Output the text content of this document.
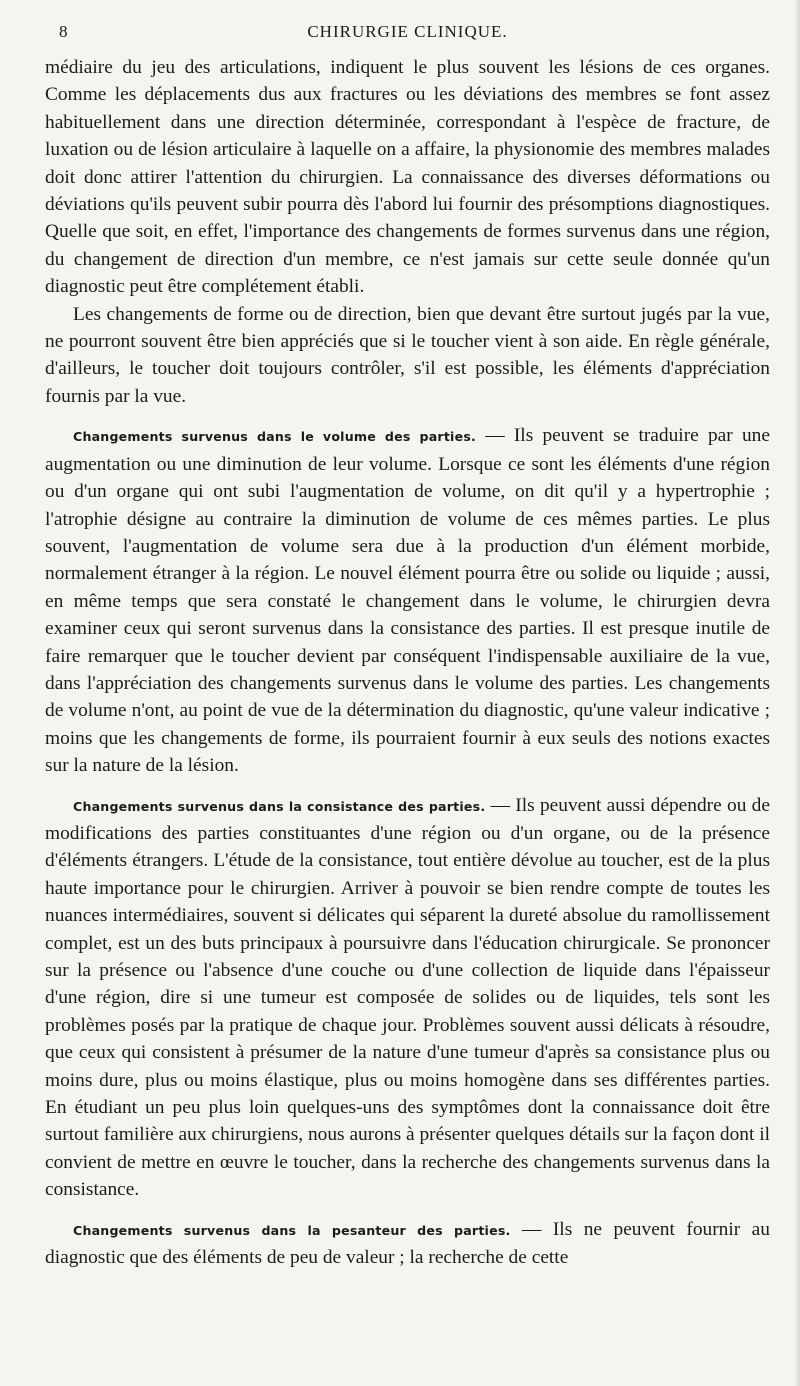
8	CHIRURGIE CLINIQUE.

médiaire du jeu des articulations, indiquent le plus souvent les lésions de ces organes. Comme les déplacements dus aux fractures ou les déviations des membres se font assez habituellement dans une direction déterminée, correspondant à l'espèce de fracture, de luxation ou de lésion articulaire à laquelle on a affaire, la physionomie des membres malades doit donc attirer l'attention du chirurgien. La connaissance des diverses déformations ou déviations qu'ils peuvent subir pourra dès l'abord lui fournir des présomptions diagnostiques. Quelle que soit, en effet, l'importance des changements de formes survenus dans une région, du changement de direction d'un membre, ce n'est jamais sur cette seule donnée qu'un diagnostic peut être complétement établi.

Les changements de forme ou de direction, bien que devant être surtout jugés par la vue, ne pourront souvent être bien appréciés que si le toucher vient à son aide. En règle générale, d'ailleurs, le toucher doit toujours contrôler, s'il est possible, les éléments d'appréciation fournis par la vue.

Changements survenus dans le volume des parties. — Ils peuvent se traduire par une augmentation ou une diminution de leur volume. Lorsque ce sont les éléments d'une région ou d'un organe qui ont subi l'augmentation de volume, on dit qu'il y a hypertrophie ; l'atrophie désigne au contraire la diminution de volume de ces mêmes parties. Le plus souvent, l'augmentation de volume sera due à la production d'un élément morbide, normalement étranger à la région. Le nouvel élément pourra être ou solide ou liquide ; aussi, en même temps que sera constaté le changement dans le volume, le chirurgien devra examiner ceux qui seront survenus dans la consistance des parties. Il est presque inutile de faire remarquer que le toucher devient par conséquent l'indispensable auxiliaire de la vue, dans l'appréciation des changements survenus dans le volume des parties. Les changements de volume n'ont, au point de vue de la détermination du diagnostic, qu'une valeur indicative ; moins que les changements de forme, ils pourraient fournir à eux seuls des notions exactes sur la nature de la lésion.

Changements survenus dans la consistance des parties. — Ils peuvent aussi dépendre ou de modifications des parties constituantes d'une région ou d'un organe, ou de la présence d'éléments étrangers. L'étude de la consistance, tout entière dévolue au toucher, est de la plus haute importance pour le chirurgien. Arriver à pouvoir se bien rendre compte de toutes les nuances intermédiaires, souvent si délicates qui séparent la dureté absolue du ramollissement complet, est un des buts principaux à poursuivre dans l'éducation chirurgicale. Se prononcer sur la présence ou l'absence d'une couche ou d'une collection de liquide dans l'épaisseur d'une région, dire si une tumeur est composée de solides ou de liquides, tels sont les problèmes posés par la pratique de chaque jour. Problèmes souvent aussi délicats à résoudre, que ceux qui consistent à présumer de la nature d'une tumeur d'après sa consistance plus ou moins dure, plus ou moins élastique, plus ou moins homogène dans ses différentes parties. En étudiant un peu plus loin quelques-uns des symptômes dont la connaissance doit être surtout familière aux chirurgiens, nous aurons à présenter quelques détails sur la façon dont il convient de mettre en œuvre le toucher, dans la recherche des changements survenus dans la consistance.

Changements survenus dans la pesanteur des parties. — Ils ne peuvent fournir au diagnostic que des éléments de peu de valeur ; la recherche de cette
